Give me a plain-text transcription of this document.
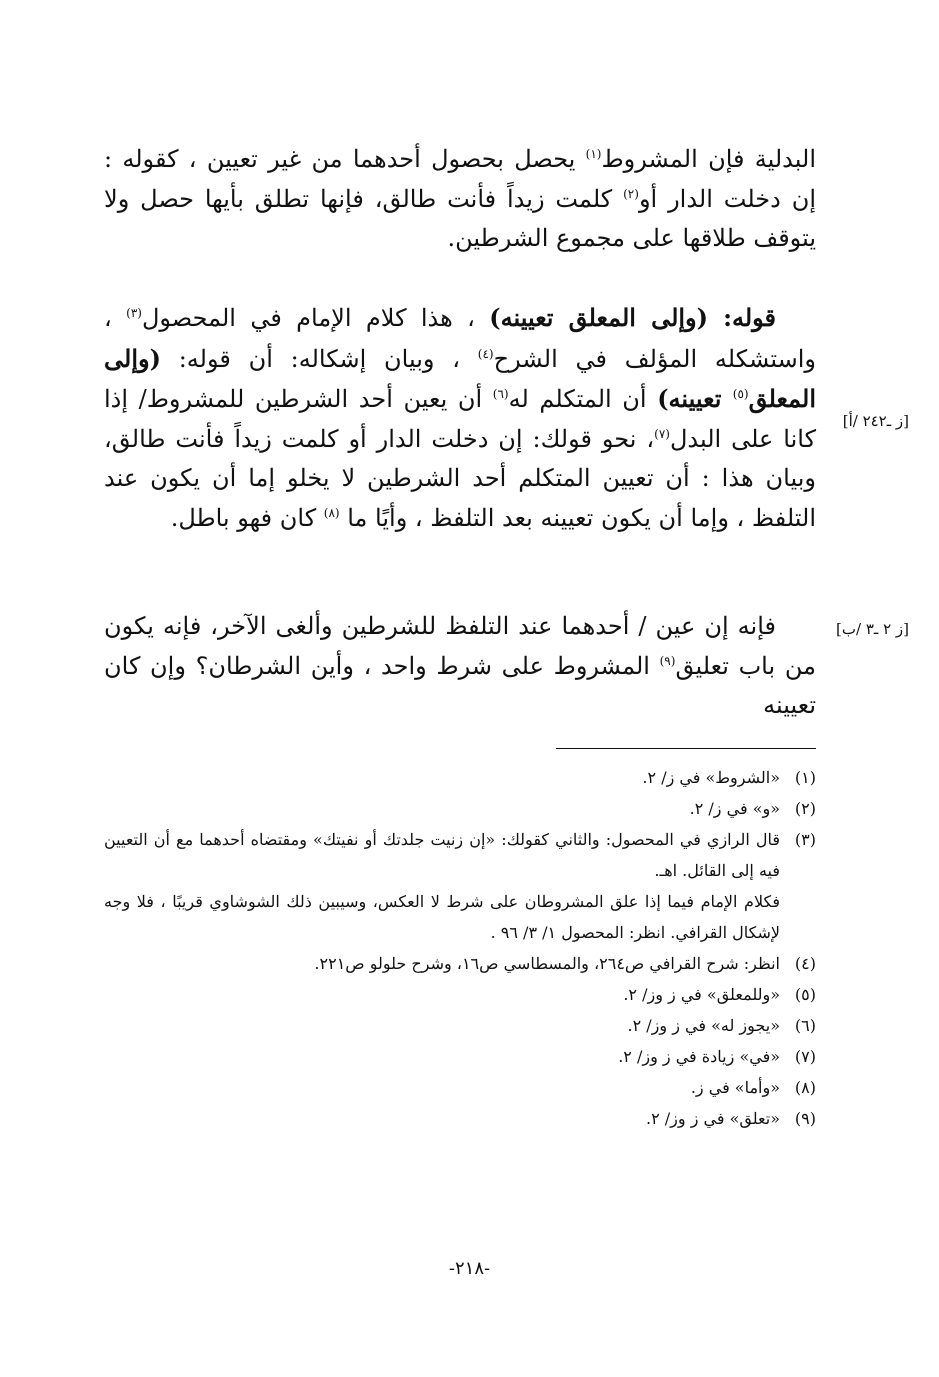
البدلية فإن المشروط$^{(١)}$ يحصل بحصول أحدهما من غير تعيين ، كقوله : إن دخلت الدار أو$^{(٢)}$ كلمت زيداً فأنت طالق، فإنها تطلق بأيها حصل ولا يتوقف طلاقها على مجموع الشرطين.

قوله: (وإلى المعلق تعيينه) ، هذا كلام الإمام في المحصول$^{(٣)}$ ، واستشكله المؤلف في الشرح$^{(٤)}$ ، وبيان إشكاله: أن قوله: (وإلى المعلق$^{(٥)}$ تعيينه) أن المتكلم له$^{(٦)}$ أن يعين أحد الشرطين للمشروط/ إذا كانا على البدل$^{(٧)}$، نحو قولك: إن دخلت الدار أو كلمت زيداً فأنت طالق، وبيان هذا : أن تعيين المتكلم أحد الشرطين لا يخلو إما أن يكون عند التلفظ ، وإما أن يكون تعيينه بعد التلفظ ، وأيًا ما $^{(٨)}$ كان فهو باطل.

فإنه إن عين / أحدهما عند التلفظ للشرطين وألغى الآخر، فإنه يكون من باب تعليق$^{(٩)}$ المشروط على شرط واحد ، وأين الشرطان؟ وإن كان تعيينه

[ز ـ٢٤٢ /أ]
[ز ٢ ـ٣ /ب]
(١)
«الشروط» في ز/ ٢.
(٢)
«و» في ز/ ٢.
(٣)
قال الرازي في المحصول: والثاني كقولك: «إن زنيت جلدتك أو نفيتك» ومقتضاه أحدهما مع أن التعيين فيه إلى القائل. اهـ.
فكلام الإمام فيما إذا علق المشروطان على شرط لا العكس، وسيبين ذلك الشوشاوي قريبًا ، فلا وجه لإشكال القرافي. انظر: المحصول ١/ ٣/ ٩٦ .
(٤)
انظر: شرح القرافي ص٢٦٤، والمسطاسي ص١٦، وشرح حلولو ص٢٢١.
(٥)
«وللمعلق» في ز وز/ ٢.
(٦)
«يجوز له» في ز وز/ ٢.
(٧)
«في» زيادة في ز وز/ ٢.
(٨)
«وأما» في ز.
(٩)
«تعلق» في ز وز/ ٢.
-٢١٨-
